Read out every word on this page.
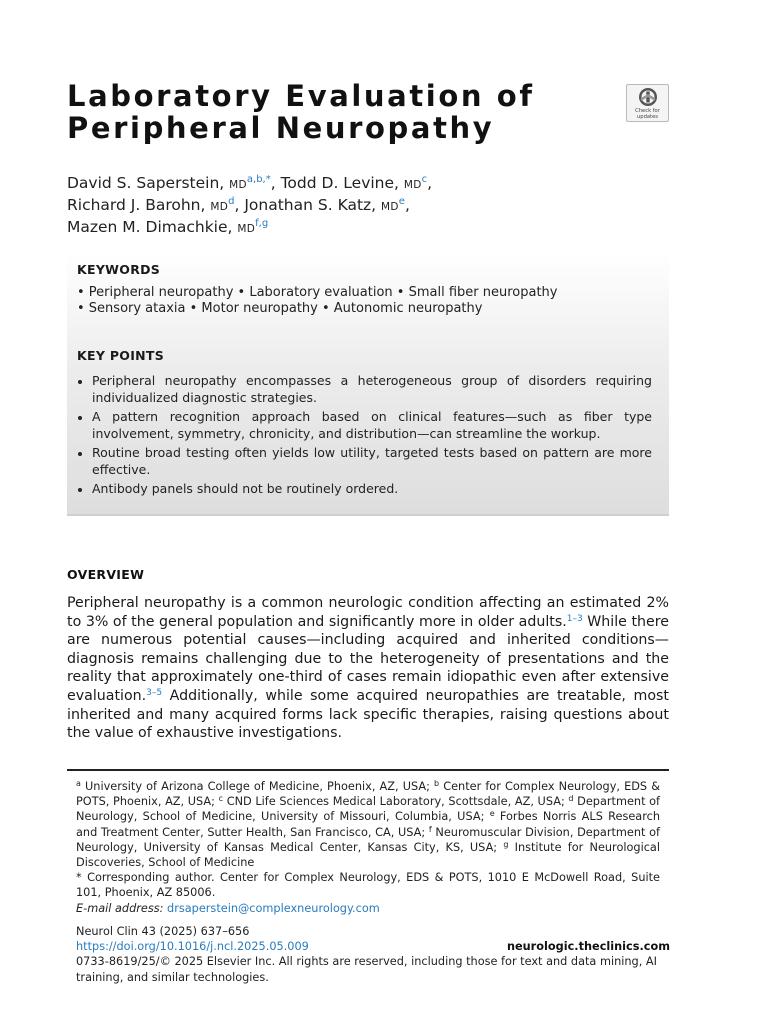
Laboratory Evaluation of
Peripheral Neuropathy	Check for
updates
David S. Saperstein, MD$^{a,b,*}$, Todd D. Levine, MD$^c$,
Richard J. Barohn, MD$^d$, Jonathan S. Katz, MDe,
Mazen M. Dimachkie, MD$^{f,g}$
KEYWORDS
• Peripheral neuropathy • Laboratory evaluation • Small fiber neuropathy
• Sensory ataxia • Motor neuropathy • Autonomic neuropathy
KEY POINTS
Peripheral neuropathy encompasses a heterogeneous group of disorders requiring individualized diagnostic strategies.
A pattern recognition approach based on clinical features—such as fiber type involvement, symmetry, chronicity, and distribution—can streamline the workup.
Routine broad testing often yields low utility, targeted tests based on pattern are more effective.
Antibody panels should not be routinely ordered.
OVERVIEW

Peripheral neuropathy is a common neurologic condition affecting an estimated 2% to 3% of the general population and significantly more in older adults.$^{1-3}$ While there are numerous potential causes—including acquired and inherited conditions—diagnosis remains challenging due to the heterogeneity of presentations and the reality that approximately one-third of cases remain idiopathic even after extensive evaluation.$^{3-5}$ Additionally, while some acquired neuropathies are treatable, most inherited and many acquired forms lack specific therapies, raising questions about the value of exhaustive investigations.

$^a$ University of Arizona College of Medicine, Phoenix, AZ, USA; $^b$ Center for Complex Neurology, EDS & POTS, Phoenix, AZ, USA; $^c$ CND Life Sciences Medical Laboratory, Scottsdale, AZ, USA; $^d$ Department of Neurology, School of Medicine, University of Missouri, Columbia, USA; $^e$ Forbes Norris ALS Research and Treatment Center, Sutter Health, San Francisco, CA, USA; $^f$ Neuromuscular Division, Department of Neurology, University of Kansas Medical Center, Kansas City, KS, USA; $^g$ Institute for Neurological Discoveries, School of Medicine
* Corresponding author. Center for Complex Neurology, EDS & POTS, 1010 E McDowell Road, Suite 101, Phoenix, AZ 85006.
E-mail address: drsaperstein@complexneurology.com

Neurol Clin 43 (2025) 637–656
https://doi.org/10.1016/j.ncl.2025.05.009	neurologic.theclinics.com
0733-8619/25/© 2025 Elsevier Inc. All rights are reserved, including those for text and data mining, AI training, and similar technologies.
